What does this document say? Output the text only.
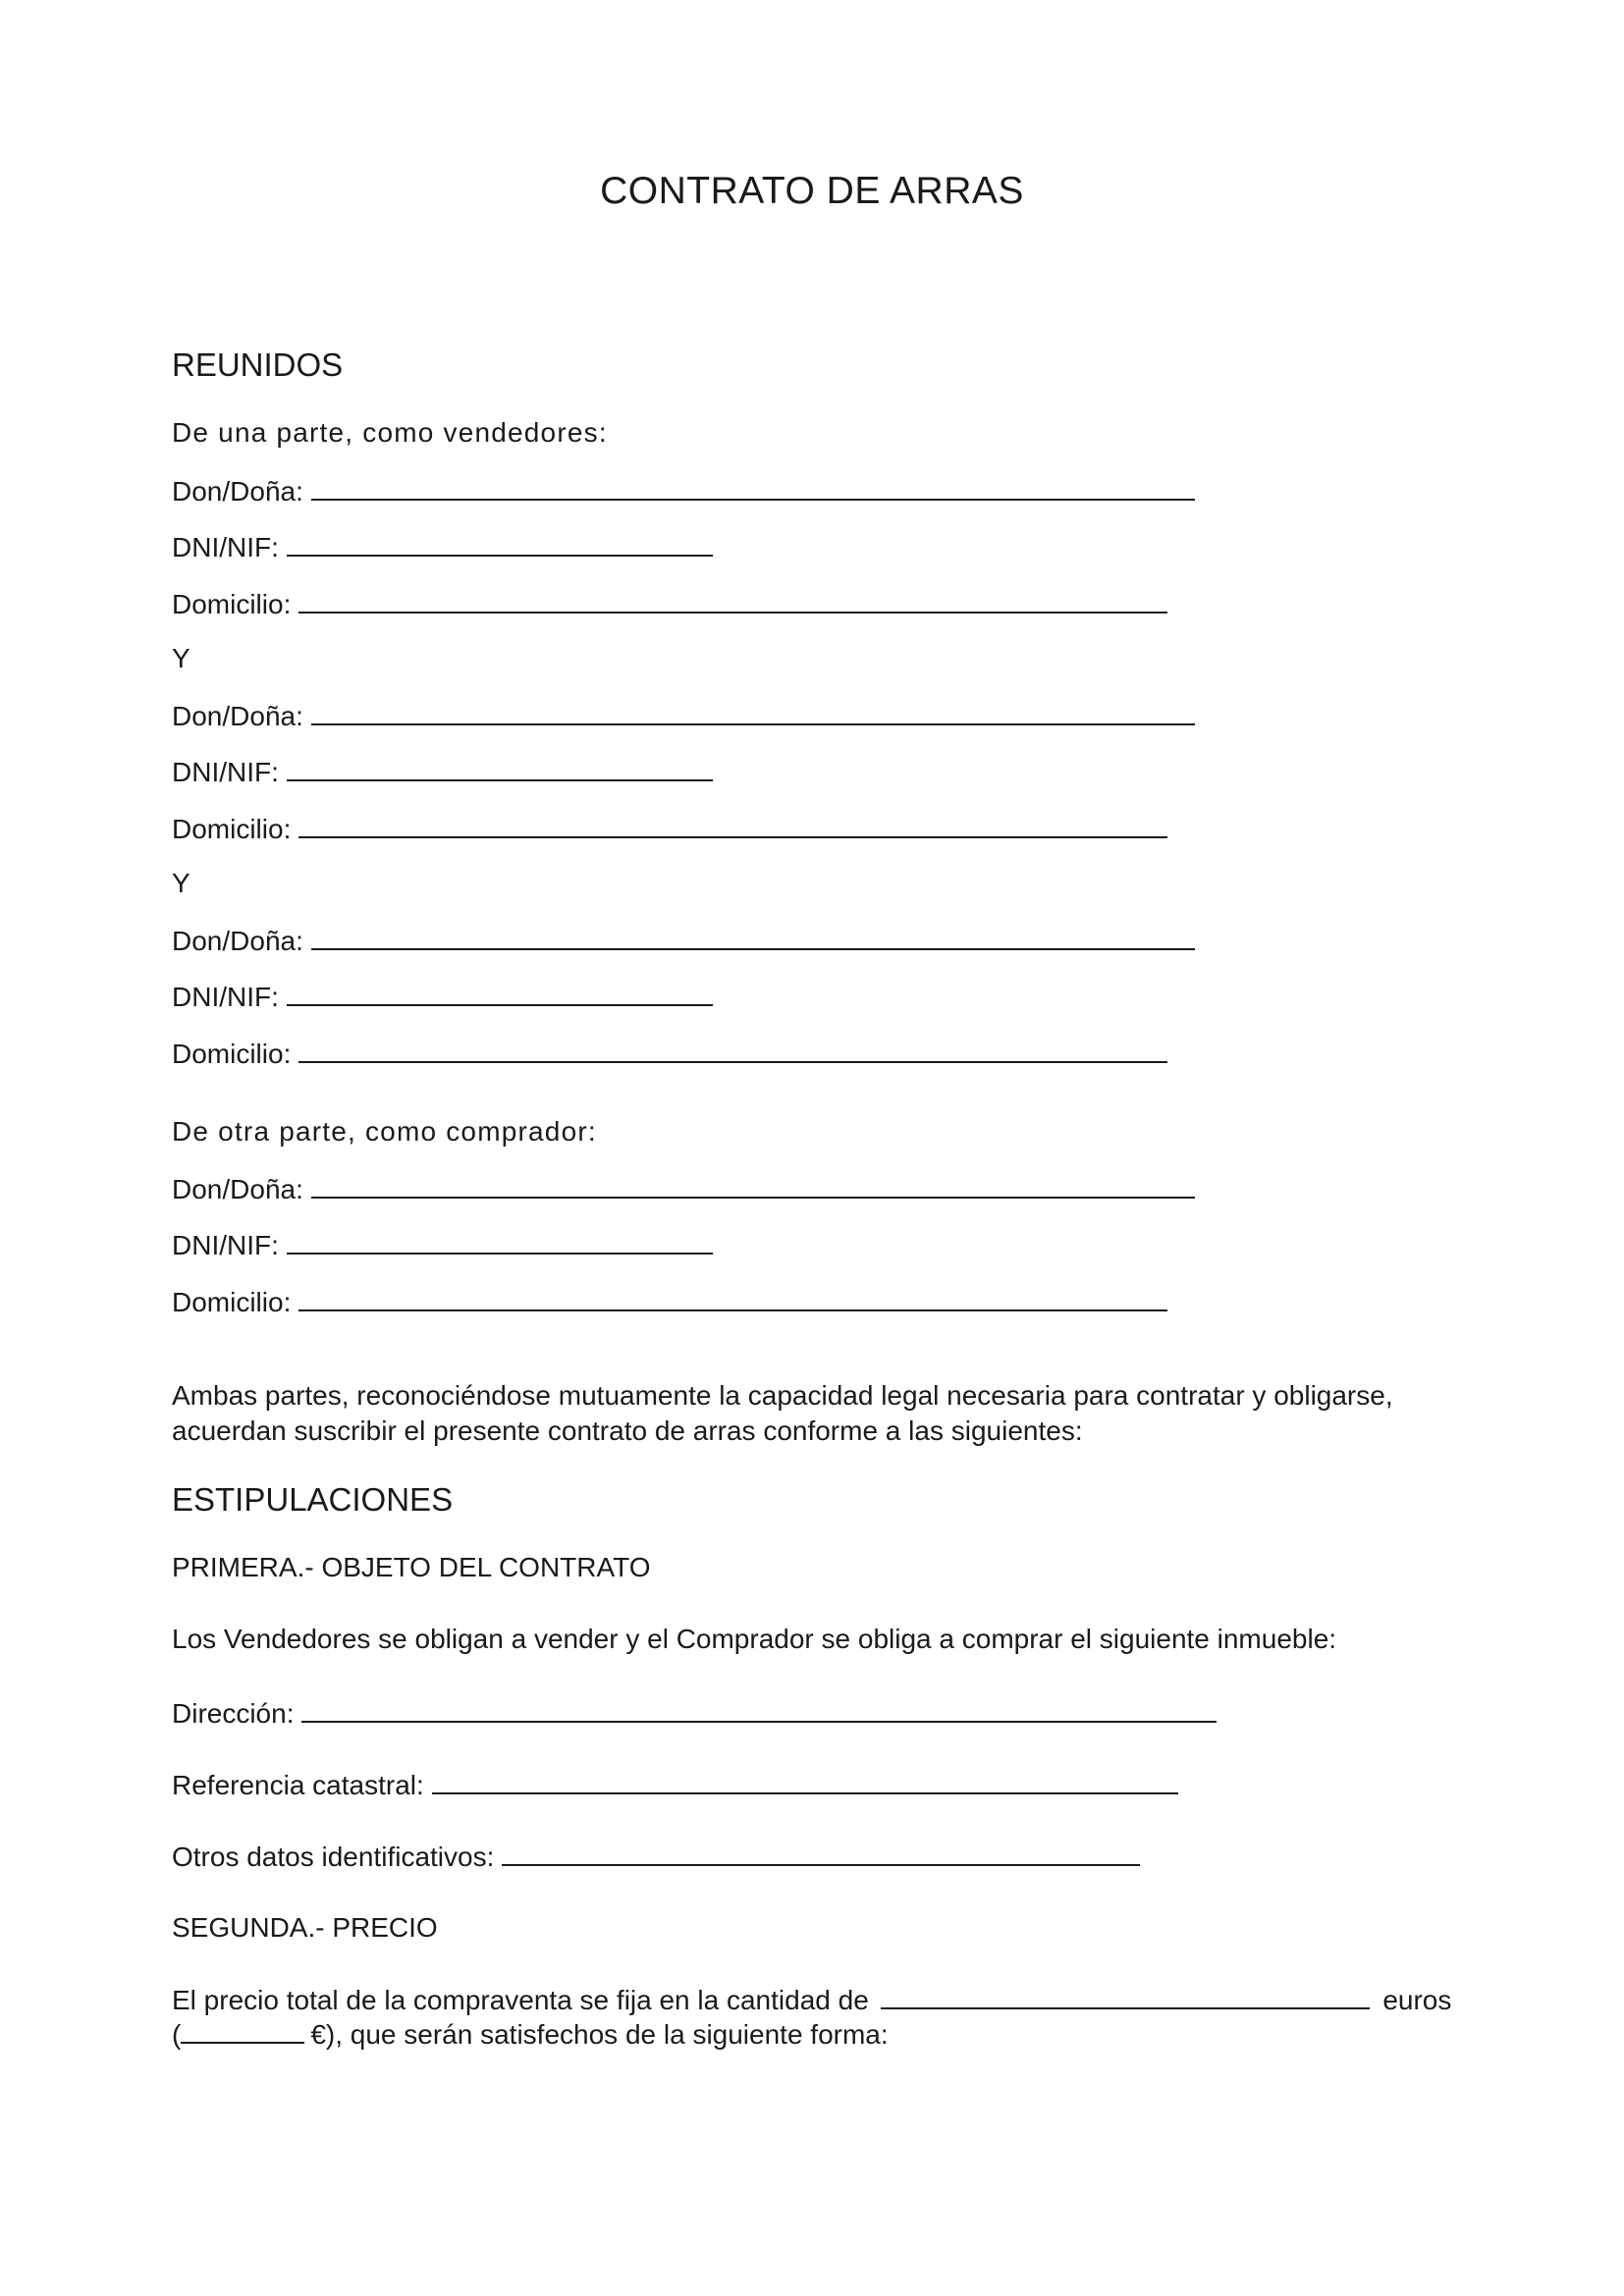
CONTRATO DE ARRAS
REUNIDOS
De una parte, como vendedores:
Don/Doña:
DNI/NIF:
Domicilio:
Y
Don/Doña:
DNI/NIF:
Domicilio:
Y
Don/Doña:
DNI/NIF:
Domicilio:
De otra parte, como comprador:
Don/Doña:
DNI/NIF:
Domicilio:
Ambas partes, reconociéndose mutuamente la capacidad legal necesaria para contratar y obligarse, acuerdan suscribir el presente contrato de arras conforme a las siguientes:
ESTIPULACIONES
PRIMERA.- OBJETO DEL CONTRATO
Los Vendedores se obligan a vender y el Comprador se obliga a comprar el siguiente inmueble:
Dirección:
Referencia catastral:
Otros datos identificativos:
SEGUNDA.- PRECIO
El precio total de la compraventa se fija en la cantidad de	euros
(	€), que serán satisfechos de la siguiente forma:
